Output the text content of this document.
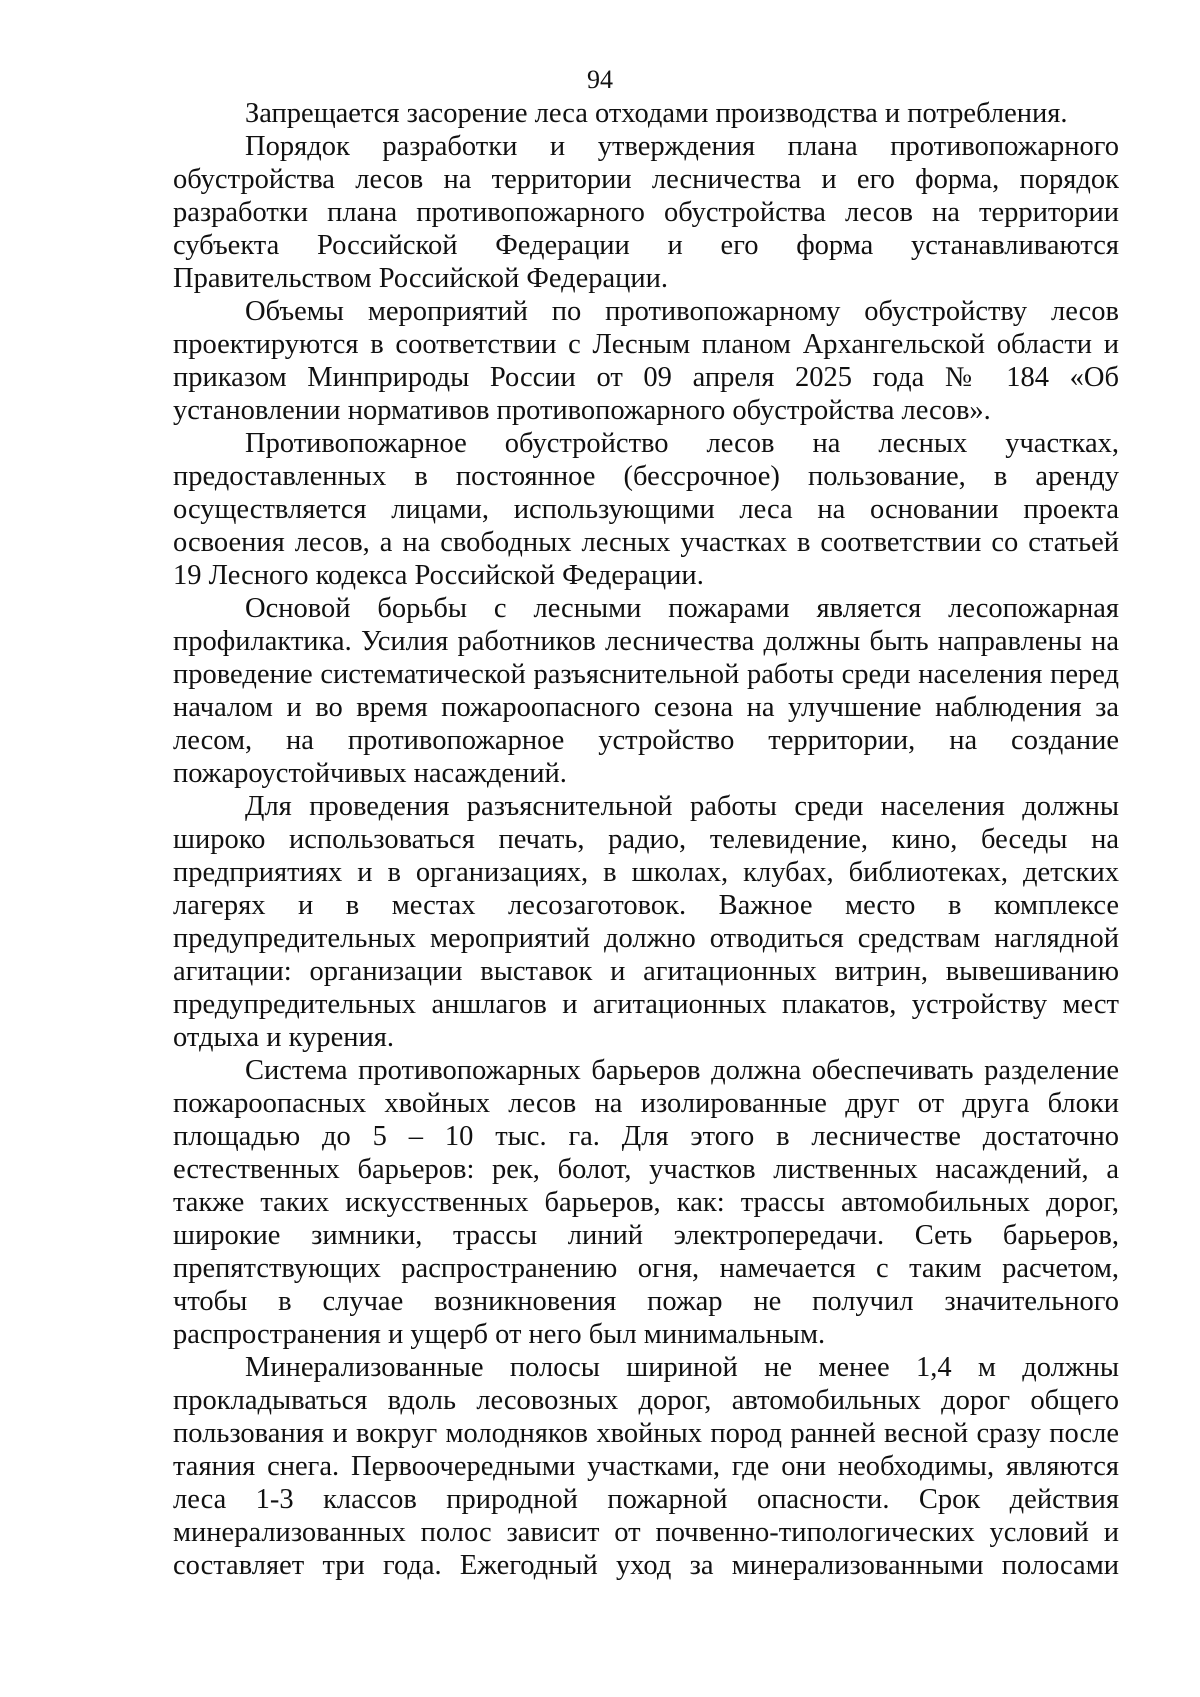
94

Запрещается засорение леса отходами производства и потребления.

Порядок разработки и утверждения плана противопожарного обустройства лесов на территории лесничества и его форма, порядок разработки плана противопожарного обустройства лесов на территории субъекта Российской Федерации и его форма устанавливаются Правительством Российской Федерации.

Объемы мероприятий по противопожарному обустройству лесов проектируются в соответствии с Лесным планом Архангельской области и приказом Минприроды России от 09 апреля 2025 года № 184 «Об установлении нормативов противопожарного обустройства лесов».

Противопожарное обустройство лесов на лесных участках, предоставленных в постоянное (бессрочное) пользование, в аренду осуществляется лицами, использующими леса на основании проекта освоения лесов, а на свободных лесных участках в соответствии со статьей 19 Лесного кодекса Российской Федерации.

Основой борьбы с лесными пожарами является лесопожарная профилактика. Усилия работников лесничества должны быть направлены на проведение систематической разъяснительной работы среди населения перед началом и во время пожароопасного сезона на улучшение наблюдения за лесом, на противопожарное устройство территории, на создание пожароустойчивых насаждений.

Для проведения разъяснительной работы среди населения должны широко использоваться печать, радио, телевидение, кино, беседы на предприятиях и в организациях, в школах, клубах, библиотеках, детских лагерях и в местах лесозаготовок. Важное место в комплексе предупредительных мероприятий должно отводиться средствам наглядной агитации: организации выставок и агитационных витрин, вывешиванию предупредительных аншлагов и агитационных плакатов, устройству мест отдыха и курения.

Система противопожарных барьеров должна обеспечивать разделение пожароопасных хвойных лесов на изолированные друг от друга блоки площадью до 5 – 10 тыс. га. Для этого в лесничестве достаточно естественных барьеров: рек, болот, участков лиственных насаждений, а также таких искусственных барьеров, как: трассы автомобильных дорог, широкие зимники, трассы линий электропередачи. Сеть барьеров, препятствующих распространению огня, намечается с таким расчетом, чтобы в случае возникновения пожар не получил значительного распространения и ущерб от него был минимальным.

Минерализованные полосы шириной не менее 1,4 м должны прокладываться вдоль лесовозных дорог, автомобильных дорог общего пользования и вокруг молодняков хвойных пород ранней весной сразу после таяния снега. Первоочередными участками, где они необходимы, являются леса 1-3 классов природной пожарной опасности. Срок действия минерализованных полос зависит от почвенно-типологических условий и составляет три года. Ежегодный уход за минерализованными полосами
